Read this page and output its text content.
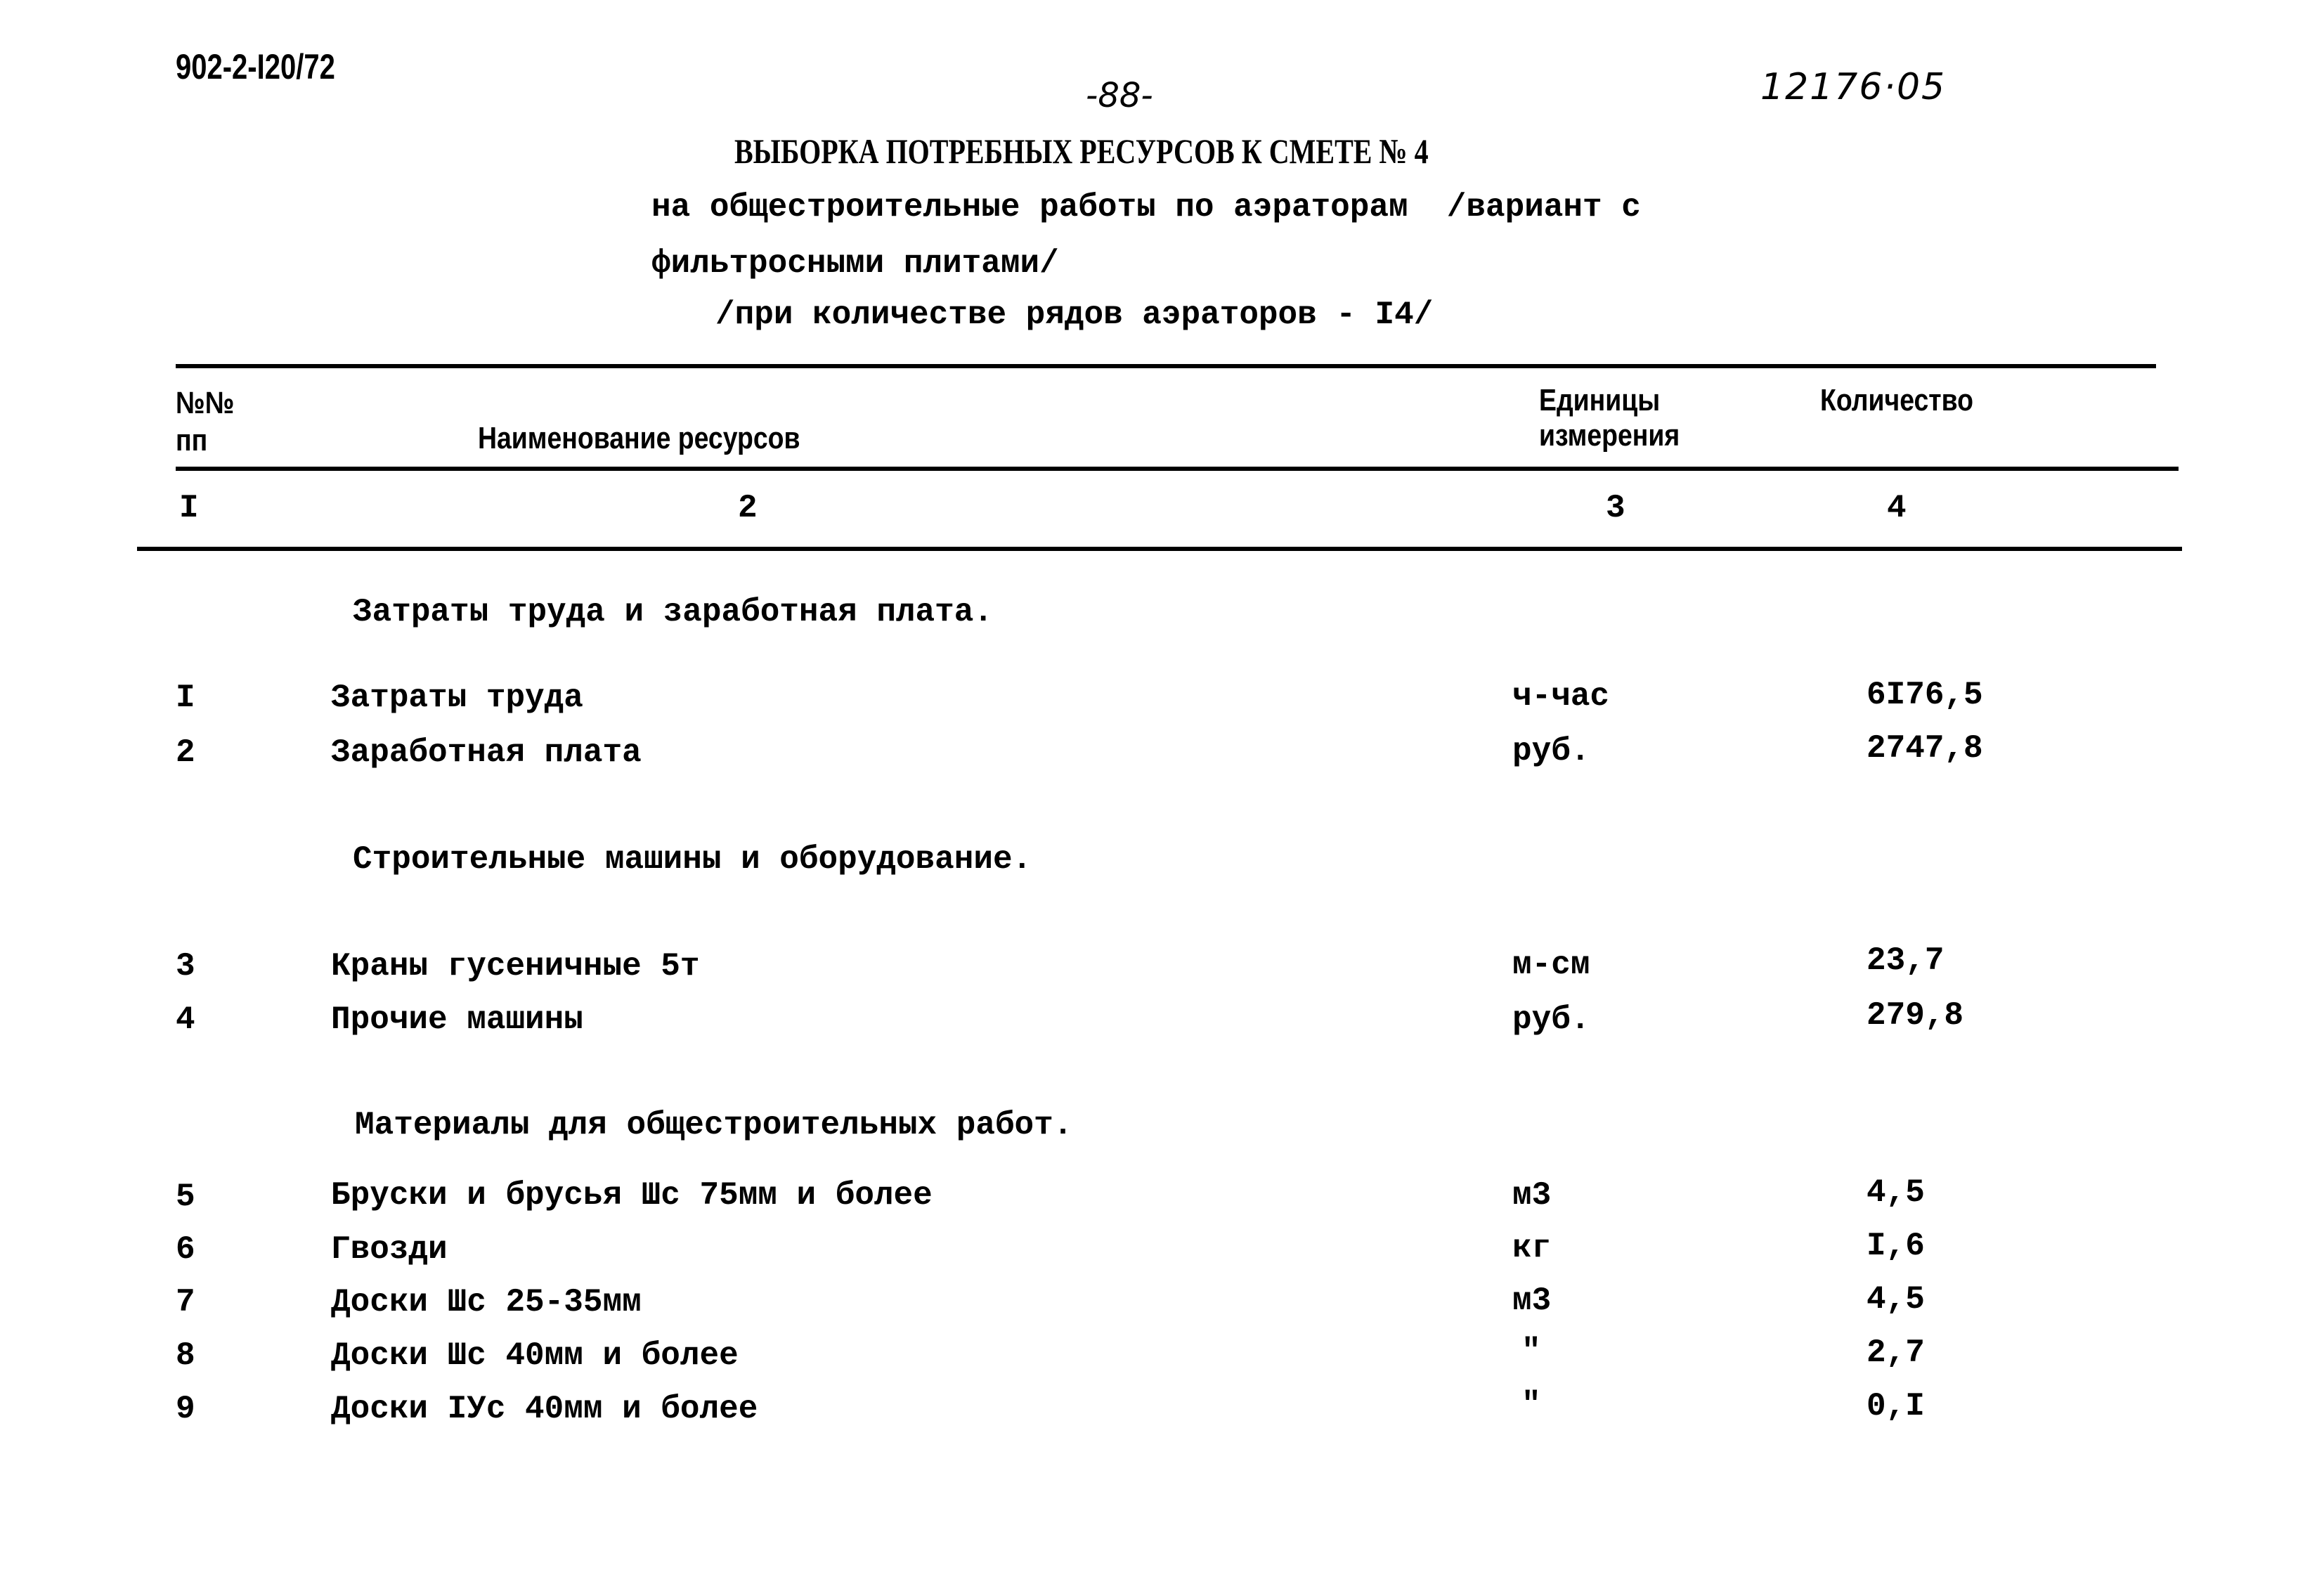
902-2-I20/72
-88-	12176·05
ВЫБОРКА ПОТРЕБНЫХ РЕСУРСОВ К СМЕТЕ № 4
на общестроительные работы по аэраторам  /вариант с
фильтросными плитами/
/при количестве рядов аэраторов - I4/
№№
пп	Наименование ресурсов
Единицы
измерения
Количество
I	2	3	4
Затраты труда и заработная плата.
I	Затраты труда	ч-час	6I76,5
2	Заработная плата	руб.	2747,8
Строительные машины и оборудование.
3	Краны гусеничные 5т	м-см	23,7
4	Прочие машины	руб.	279,8
Материалы для общестроительных работ.
5	Бруски и брусья Шс 75мм и более	м3	4,5
6	Гвозди	кг	I,6
7	Доски Шс 25-35мм	м3	4,5
8	Доски Шс 40мм и более	"	2,7
9	Доски IУс 40мм и более	"	0,I
